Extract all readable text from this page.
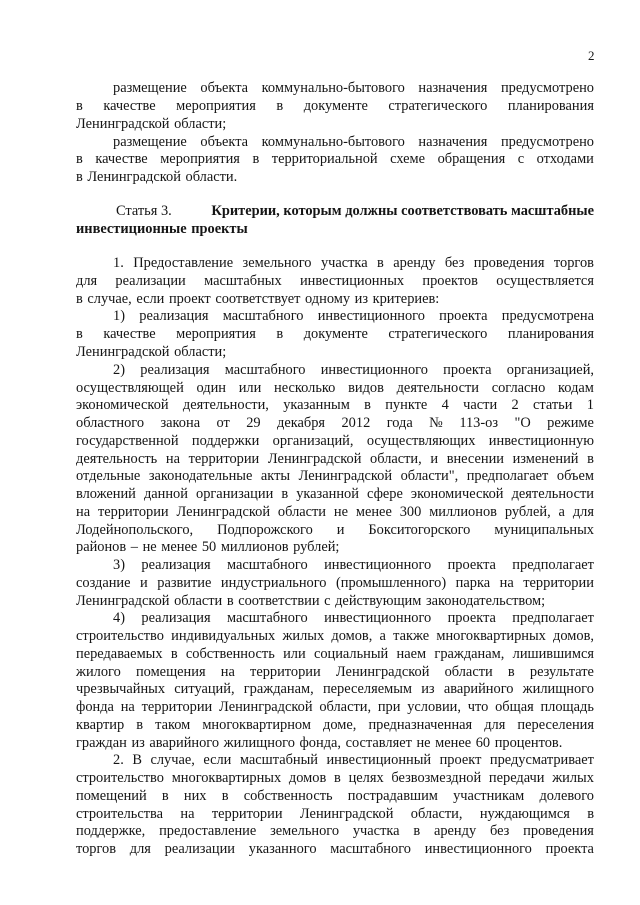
2
размещение объекта коммунально-бытового назначения предусмотрено
в качестве мероприятия в документе стратегического планирования
Ленинградской области;
размещение объекта коммунально-бытового назначения предусмотрено
в качестве мероприятия в территориальной схеме обращения с отходами
в Ленинградской области.
Статья 3.	Критерии, которым должны соответствовать масштабные
инвестиционные проекты
1. Предоставление земельного участка в аренду без проведения торгов
для реализации масштабных инвестиционных проектов осуществляется
в случае, если проект соответствует одному из критериев:
1) реализация масштабного инвестиционного проекта предусмотрена
в качестве мероприятия в документе стратегического планирования
Ленинградской области;
2) реализация масштабного инвестиционного проекта организацией,
осуществляющей один или несколько видов деятельности согласно кодам
экономической деятельности, указанным в пункте 4 части 2 статьи 1
областного закона от 29 декабря 2012 года № 113-оз "О режиме
государственной поддержки организаций, осуществляющих инвестиционную
деятельность на территории Ленинградской области, и внесении изменений в
отдельные законодательные акты Ленинградской области", предполагает объем
вложений данной организации в указанной сфере экономической деятельности
на территории Ленинградской области не менее 300 миллионов рублей, а для
Лодейнопольского, Подпорожского и Бокситогорского муниципальных
районов – не менее 50 миллионов рублей;
3) реализация масштабного инвестиционного проекта предполагает
создание и развитие индустриального (промышленного) парка на территории
Ленинградской области в соответствии с действующим законодательством;
4) реализация масштабного инвестиционного проекта предполагает
строительство индивидуальных жилых домов, а также многоквартирных домов,
передаваемых в собственность или социальный наем гражданам, лишившимся
жилого помещения на территории Ленинградской области в результате
чрезвычайных ситуаций, гражданам, переселяемым из аварийного жилищного
фонда на территории Ленинградской области, при условии, что общая площадь
квартир в таком многоквартирном доме, предназначенная для переселения
граждан из аварийного жилищного фонда, составляет не менее 60 процентов.
2. В случае, если масштабный инвестиционный проект предусматривает
строительство многоквартирных домов в целях безвозмездной передачи жилых
помещений в них в собственность пострадавшим участникам долевого
строительства на территории Ленинградской области, нуждающимся в
поддержке, предоставление земельного участка в аренду без проведения
торгов для реализации указанного масштабного инвестиционного проекта
